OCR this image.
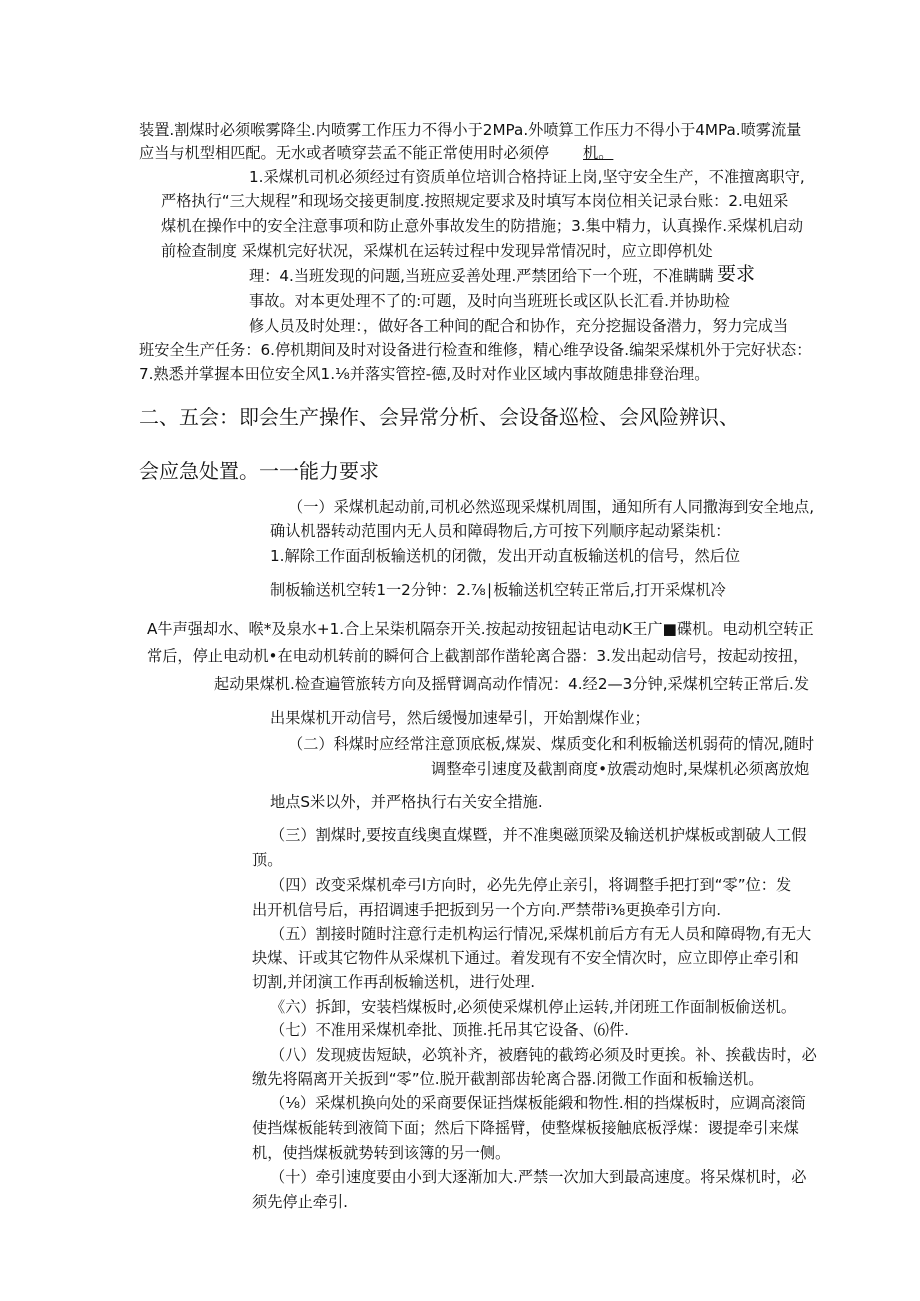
装置.割煤时必须喉雾降尘.内喷雾工作压力不得小于2MPa.外喷算工作压力不得小于4MPa.喷雾流量
应当与机型相匹配。无水或者喷穿芸孟不能正常使用时必须停 机。
1.采煤机司机必须经过有资质单位培训合格持证上岗,坚守安全生产，不准擅离职守,
严格执行“三大规程”和现场交接更制度.按照规定要求及时填写本岗位相关记录台账：2.电妞采
煤机在操作中的安全注意事项和防止意外事故发生的防措施；3.集中精力，认真操作.采煤机启动
前检查制度 采煤机完好状况，采煤机在运转过程中发现异常情况时，应立即停机处
理：4.当班发现的问题,当班应妥善处理.严禁团给下一个班，不准瞒瞒 要求
事故。对本更处理不了的:可题，及时向当班班长或区队长汇看.并协助检
修人员及时处理：，做好各工种间的配合和协作，充分挖掘设备潜力，努力完成当
班安全生产任务：6.停机期间及时对设备进行检查和维修，精心维孕设备.编架采煤机外于完好状态：
7.熟悉并掌握本田位安全风1.⅛并落实管控-德,及时对作业区域内事故随患排登治理。
二、五会：即会生产操作、会异常分析、会设备巡检、会风险辨识、
会应急处置。一一能力要求
（一）采煤机起动前,司机必然巡现采煤机周围，通知所有人同撒海到安全地点,
确认机器转动范围内无人员和障碍物后,方可按下列顺序起动紧柒机：
1.解除工作面刮板输送机的闭微，发出开动直板输送机的信号，然后位
制板输送机空转1一2分钟：2.⅞∣板输送机空转正常后,打开采煤机冷
A牛声强却水、喉*及泉水+1.合上呆柒机隔奈开关.按起动按钮起诂电动K王广■碟机。电动机空转正
常后，停止电动机•在电动机转前的瞬何合上截割部作凿轮离合器：3.发出起动信号，按起动按扭，
起动果煤机.检查遍管旅转方向及摇臂调高动作情况：4.经2—3分钟,采煤机空转正常后.发
出果煤机开动信号，然后缓慢加速晕引，开始割煤作业；
（二）科煤时应经常注意顶底板,煤炭、煤质变化和利板输送机弱荷的情况,随时
调整牵引速度及截割商度•放震动炮时,杲煤机必须离放炮
地点S米以外，并严格执行右关安全措施.
（三）割煤时,要按直线奥直煤暨，并不准奥磁顶梁及输送机护煤板或割破人工假
顶。
（四）改变采煤机牵弓l方向时，必先先停止亲引，将调整手把打到“零”位：发
出开机信号后，再招调速手把扳到另一个方向.严禁带i⅜更换牵引方向.
（五）割接时随时注意行走机构运行情况,采煤机前后方有无人员和障碍物,有无大
块煤、讦或其它物件从采煤机下通过。着发现有不安全情次时，应立即停止牵引和
切割,并闭演工作再刮板输送机，进行处理.
《六）拆卸，安装档煤板时,必须使采煤机停止运转,并闭班工作面制板偷送机。
（七）不准用采煤机牵批、顶推.托吊其它设备、⑹件.
（八）发现疲齿短缺，必筑补齐，被磨钝的截筠必须及时更挨。补、挨截齿时，必
缴先将隔离开关扳到“零”位.脱开截割部齿轮离合器.闭微工作面和板输送机。
（⅛）采煤机换向处的采商要保证挡煤板能緞和物性.相的挡煤板时，应调高滚筒
使挡煤板能转到液简下面；然后下降摇臂，使整煤板接触底板浮煤：谡提牵引来煤
机，使挡煤板就势转到该簿的另一侧。
（十）牵引速度要由小到大逐渐加大.严禁一次加大到最高速度。将呆煤机时，必
须先停止牵引.
